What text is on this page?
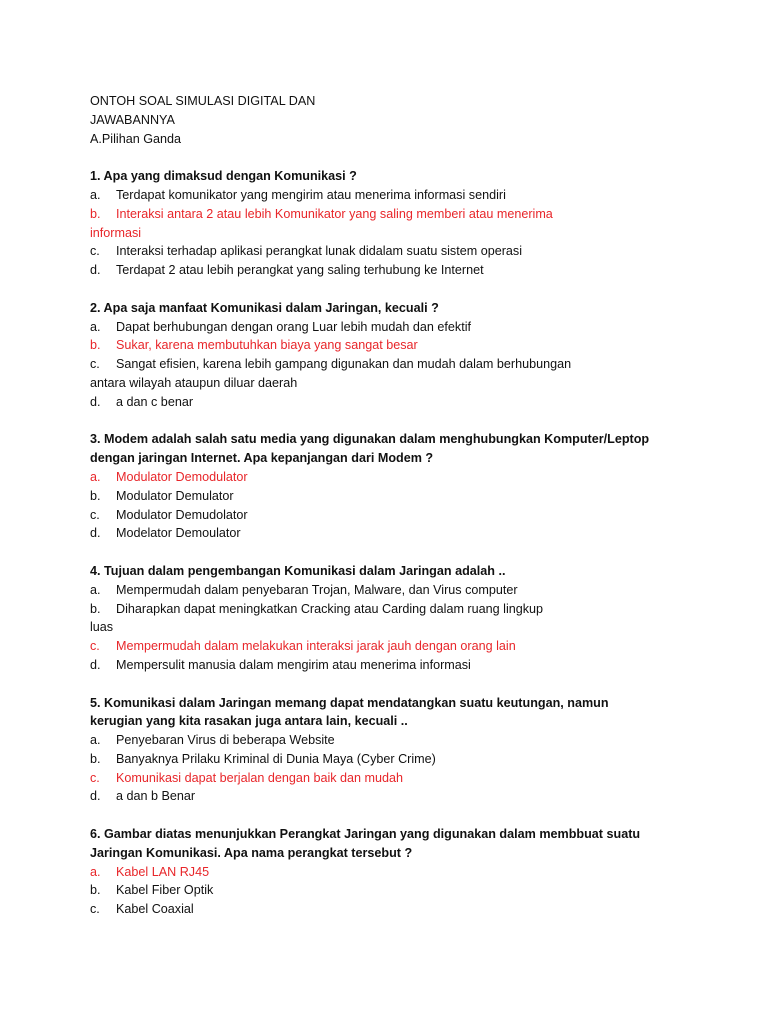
ONTOH SOAL SIMULASI DIGITAL DAN
JAWABANNYA
A.Pilihan Ganda
1. Apa yang dimaksud dengan Komunikasi ?
a. Terdapat komunikator yang mengirim atau menerima informasi sendiri
b. Interaksi antara 2 atau lebih Komunikator yang saling memberi atau menerima
informasi
c. Interaksi terhadap aplikasi perangkat lunak didalam suatu sistem operasi
d. Terdapat 2 atau lebih perangkat yang saling terhubung ke Internet
2. Apa saja manfaat Komunikasi dalam Jaringan, kecuali ?
a. Dapat berhubungan dengan orang Luar lebih mudah dan efektif
b. Sukar, karena membutuhkan biaya yang sangat besar
c. Sangat efisien, karena lebih gampang digunakan dan mudah dalam berhubungan
antara wilayah ataupun diluar daerah
d. a dan c benar
3. Modem adalah salah satu media yang digunakan dalam menghubungkan Komputer/Leptop
dengan jaringan Internet. Apa kepanjangan dari Modem ?
a. Modulator Demodulator
b. Modulator Demulator
c. Modulator Demudolator
d. Modelator Demoulator
4. Tujuan dalam pengembangan Komunikasi dalam Jaringan adalah ..
a. Mempermudah dalam penyebaran Trojan, Malware, dan Virus computer
b. Diharapkan dapat meningkatkan Cracking atau Carding dalam ruang lingkup
luas
c. Mempermudah dalam melakukan interaksi jarak jauh dengan orang lain
d. Mempersulit manusia dalam mengirim atau menerima informasi
5. Komunikasi dalam Jaringan memang dapat mendatangkan suatu keutungan, namun
kerugian yang kita rasakan juga antara lain, kecuali ..
a. Penyebaran Virus di beberapa Website
b. Banyaknya Prilaku Kriminal di Dunia Maya (Cyber Crime)
c. Komunikasi dapat berjalan dengan baik dan mudah
d. a dan b Benar
6. Gambar diatas menunjukkan Perangkat Jaringan yang digunakan dalam membbuat suatu
Jaringan Komunikasi. Apa nama perangkat tersebut ?
a. Kabel LAN RJ45
b. Kabel Fiber Optik
c. Kabel Coaxial
